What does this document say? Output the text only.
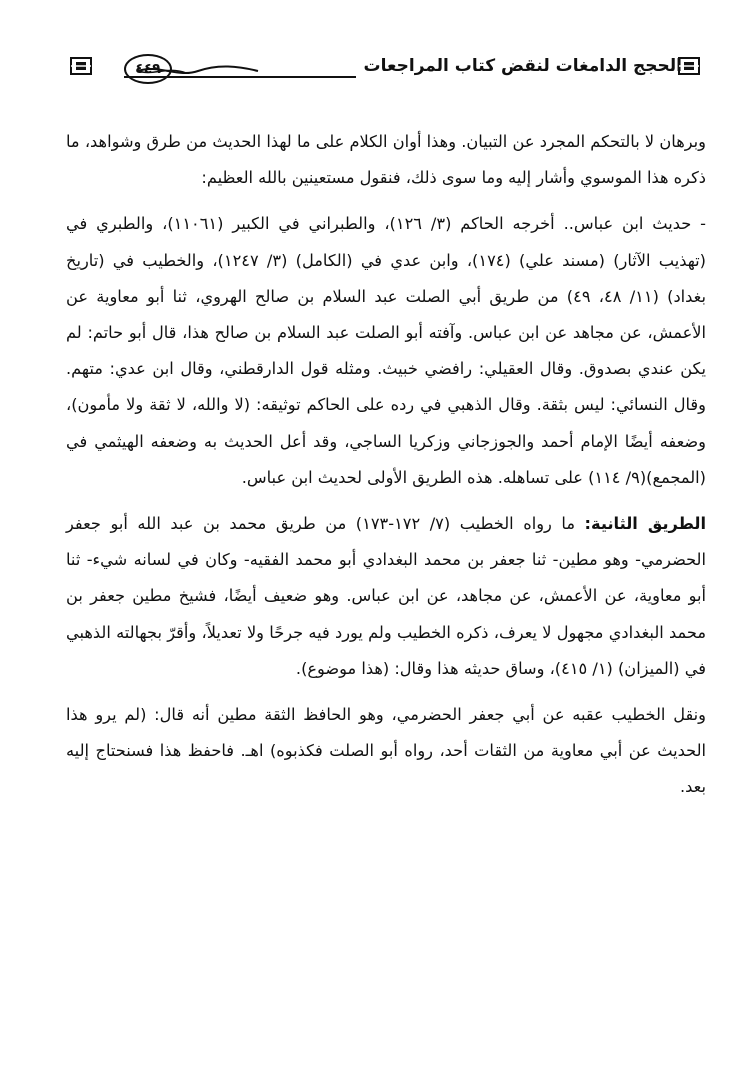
٤٤٩	الحجج الدامغات لنقض كتاب المراجعات

وبرهان لا بالتحكم المجرد عن التبيان. وهذا أوان الكلام على ما لهذا الحديث من طرق وشواهد، ما ذكره هذا الموسوي وأشار إليه وما سوى ذلك، فنقول مستعينين بالله العظيم:

- حديث ابن عباس.. أخرجه الحاكم (٣/ ١٢٦)، والطبراني في الكبير (١١٠٦١)، والطبري في (تهذيب الآثار) (مسند علي) (١٧٤)، وابن عدي في (الكامل) (٣/ ١٢٤٧)، والخطيب في (تاريخ بغداد) (١١/ ٤٨، ٤٩) من طريق أبي الصلت عبد السلام بن صالح الهروي، ثنا أبو معاوية عن الأعمش، عن مجاهد عن ابن عباس. وآفته أبو الصلت عبد السلام بن صالح هذا، قال أبو حاتم: لم يكن عندي بصدوق. وقال العقيلي: رافضي خبيث. ومثله قول الدارقطني، وقال ابن عدي: متهم. وقال النسائي: ليس بثقة. وقال الذهبي في رده على الحاكم توثيقه: (لا والله، لا ثقة ولا مأمون)، وضعفه أيضًا الإمام أحمد والجوزجاني وزكريا الساجي، وقد أعل الحديث به وضعفه الهيثمي في (المجمع)(٩/ ١١٤) على تساهله. هذه الطريق الأولى لحديث ابن عباس.

الطريق الثانية: ما رواه الخطيب (٧/ ١٧٢-١٧٣) من طريق محمد بن عبد الله أبو جعفر الحضرمي- وهو مطين- ثنا جعفر بن محمد البغدادي أبو محمد الفقيه- وكان في لسانه شيء- ثنا أبو معاوية، عن الأعمش، عن مجاهد، عن ابن عباس. وهو ضعيف أيضًا، فشيخ مطين جعفر بن محمد البغدادي مجهول لا يعرف، ذكره الخطيب ولم يورد فيه جرحًا ولا تعديلاً، وأقرّ بجهالته الذهبي في (الميزان) (١/ ٤١٥)، وساق حديثه هذا وقال: (هذا موضوع).

ونقل الخطيب عقبه عن أبي جعفر الحضرمي، وهو الحافظ الثقة مطين أنه قال: (لم يرو هذا الحديث عن أبي معاوية من الثقات أحد، رواه أبو الصلت فكذبوه) اهـ. فاحفظ هذا فسنحتاج إليه بعد.
